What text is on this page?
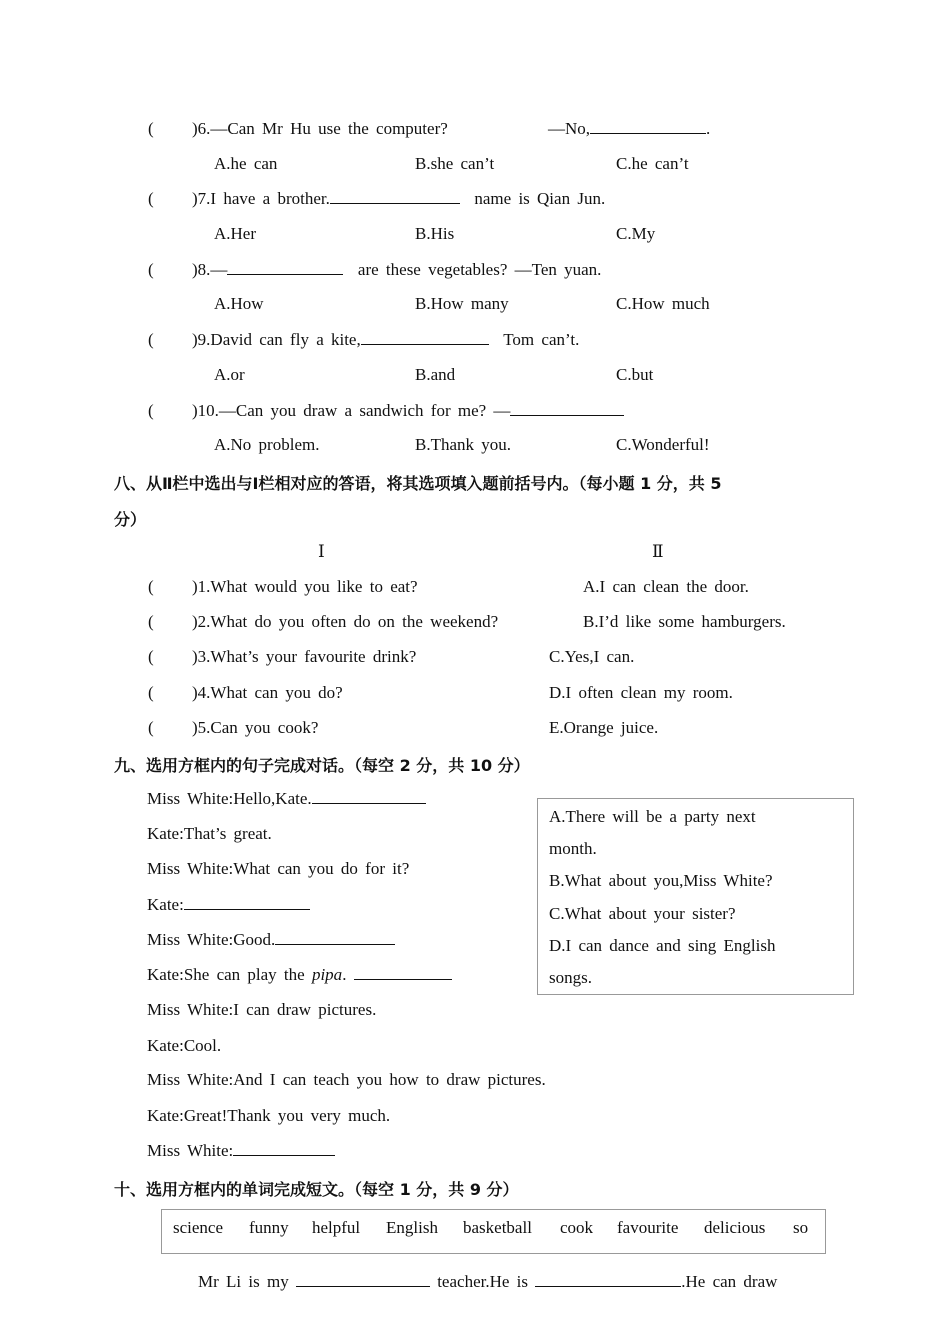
( )6.—Can Mr Hu use the computer?	—No,	.
A.he can	B.she can’t	C.he can’t
( )7.I have a brother.	name is Qian Jun.
A.Her	B.His	C.My
( )8.—	are these vegetables? —Ten yuan.
A.How	B.How many	C.How much
( )9.David can fly a kite,	Tom can’t.
A.or	B.and	C.but
( )10.—Can you draw a sandwich for me? —
A.No problem.	B.Thank you.	C.Wonderful!
八、从Ⅱ栏中选出与Ⅰ栏相对应的答语，将其选项填入题前括号内。（每小题 1 分，共 5
分）
Ⅰ	Ⅱ
( )1.What would you like to eat?	A.I can clean the door.
( )2.What do you often do on the weekend?	B.I’d like some hamburgers.
( )3.What’s your favourite drink?	C.Yes,I can.
( )4.What can you do?	D.I often clean my room.
( )5.Can you cook?	E.Orange juice.
九、选用方框内的句子完成对话。（每空 2 分，共 10 分）
Miss White:Hello,Kate.
Kate:That’s great.
Miss White:What can you do for it?
Kate:
Miss White:Good.
Kate:She can play the pipa.
Miss White:I can draw pictures.
Kate:Cool.
Miss White:And I can teach you how to draw pictures.
Kate:Great!Thank you very much.
Miss White:
A.There will be a party next
month.
B.What about you,Miss White?
C.What about your sister?
D.I can dance and sing English
songs.
十、选用方框内的单词完成短文。（每空 1 分，共 9 分）
science funny helpful English basketball cook favourite delicious so
Mr Li is my	teacher.He is	.He can draw
